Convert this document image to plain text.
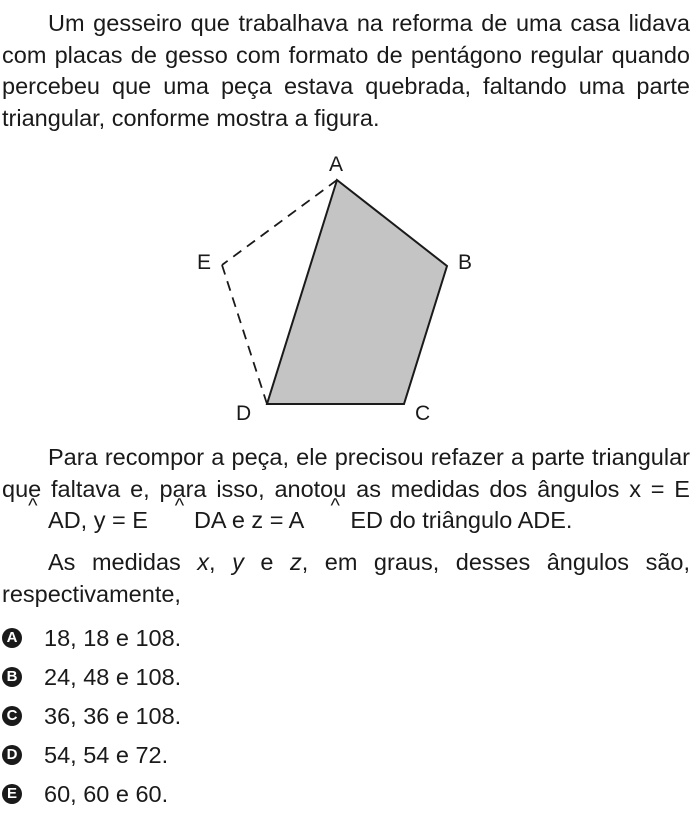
Um gesseiro que trabalhava na reforma de uma casa lidava com placas de gesso com formato de pentágono regular quando percebeu que uma peça estava quebrada, faltando uma parte triangular, conforme mostra a figura.

A
B
C
D
E

Para recompor a peça, ele precisou refazer a parte triangular que faltava e, para isso, anotou as medidas dos ângulos x = E^ AD, y = E ^ DA e z = A ^ ED do triângulo ADE.

As medidas x, y e z, em graus, desses ângulos são, respectivamente,

A 18, 18 e 108.
B 24, 48 e 108.
C 36, 36 e 108.
D 54, 54 e 72.
E 60, 60 e 60.
